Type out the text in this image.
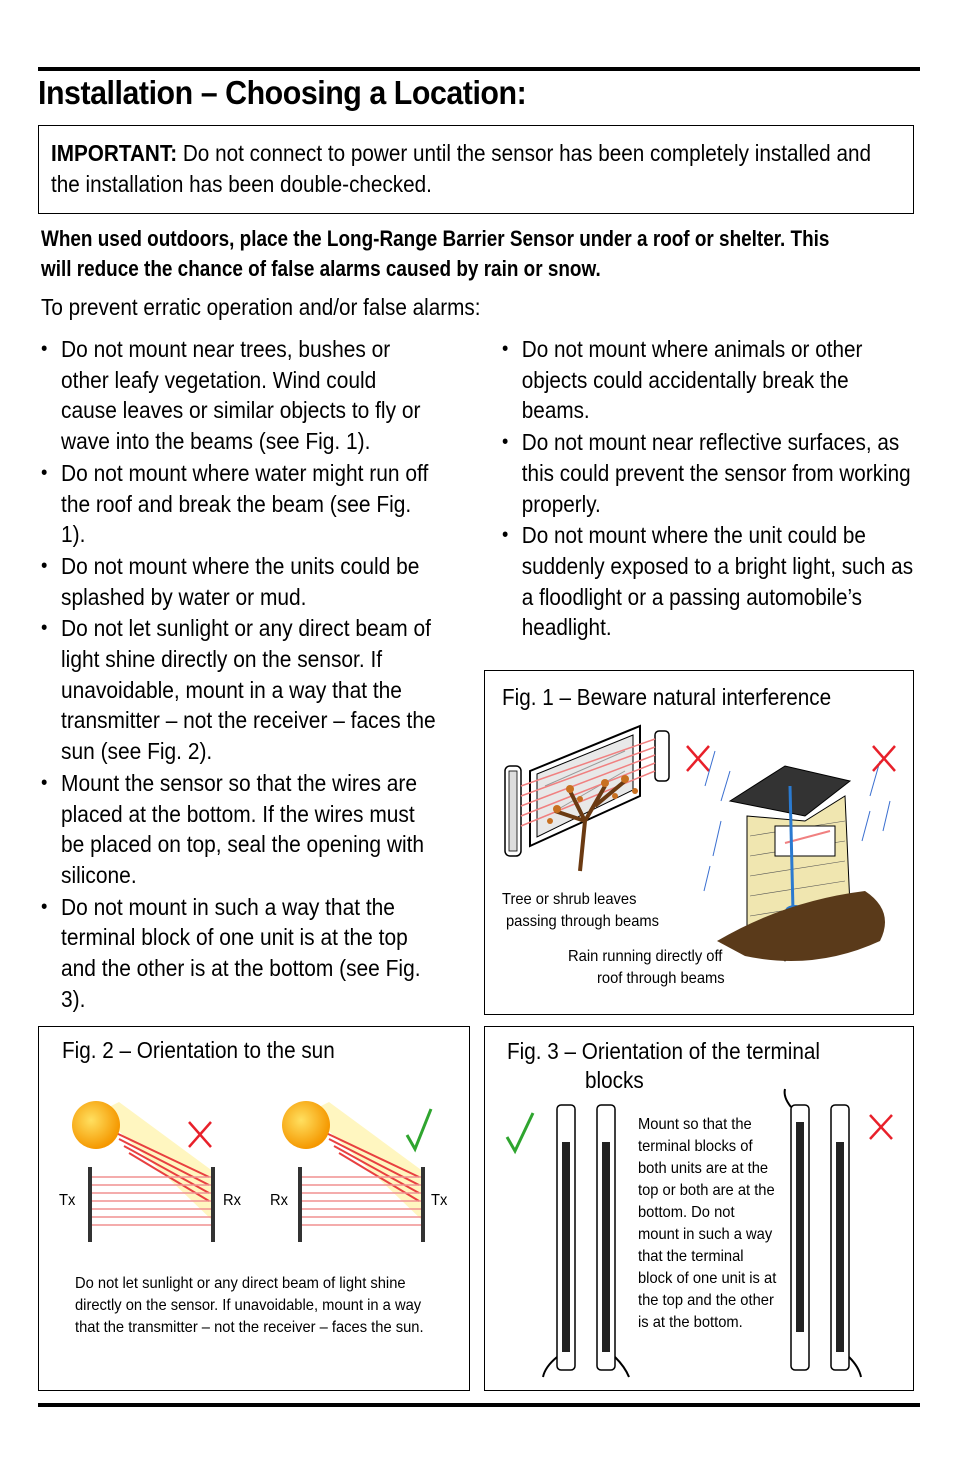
Installation – Choosing a Location:
IMPORTANT: Do not connect to power until the sensor has been completely installed and the installation has been double-checked.
When used outdoors, place the Long-Range Barrier Sensor under a roof or shelter. This will reduce the chance of false alarms caused by rain or snow.
To prevent erratic operation and/or false alarms:
• Do not mount near trees, bushes or other leafy vegetation. Wind could cause leaves or similar objects to fly or wave into the beams (see Fig. 1).
• Do not mount where water might run off the roof and break the beam (see Fig. 1).
• Do not mount where the units could be splashed by water or mud.
• Do not let sunlight or any direct beam of light shine directly on the sensor. If unavoidable, mount in a way that the transmitter – not the receiver – faces the sun (see Fig. 2).
• Mount the sensor so that the wires are placed at the bottom. If the wires must be placed on top, seal the opening with silicone.
• Do not mount in such a way that the terminal block of one unit is at the top and the other is at the bottom (see Fig. 3).
• Do not mount where animals or other objects could accidentally break the beams.
• Do not mount near reflective surfaces, as this could prevent the sensor from working properly.
• Do not mount where the unit could be suddenly exposed to a bright light, such as a floodlight or a passing automobile’s headlight.
Fig. 1 – Beware natural interference
Tree or shrub leaves
passing through beams
Rain running directly off
roof through beams
Fig. 2 – Orientation to the sun
Tx	Rx Rx	Tx
Do not let sunlight or any direct beam of light shine directly on the sensor. If unavoidable, mount in a way that the transmitter – not the receiver – faces the sun.
Fig. 3 – Orientation of the terminal
blocks
Mount so that the terminal blocks of both units are at the top or both are at the bottom. Do not mount in such a way that the terminal block of one unit is at the top and the other is at the bottom.
